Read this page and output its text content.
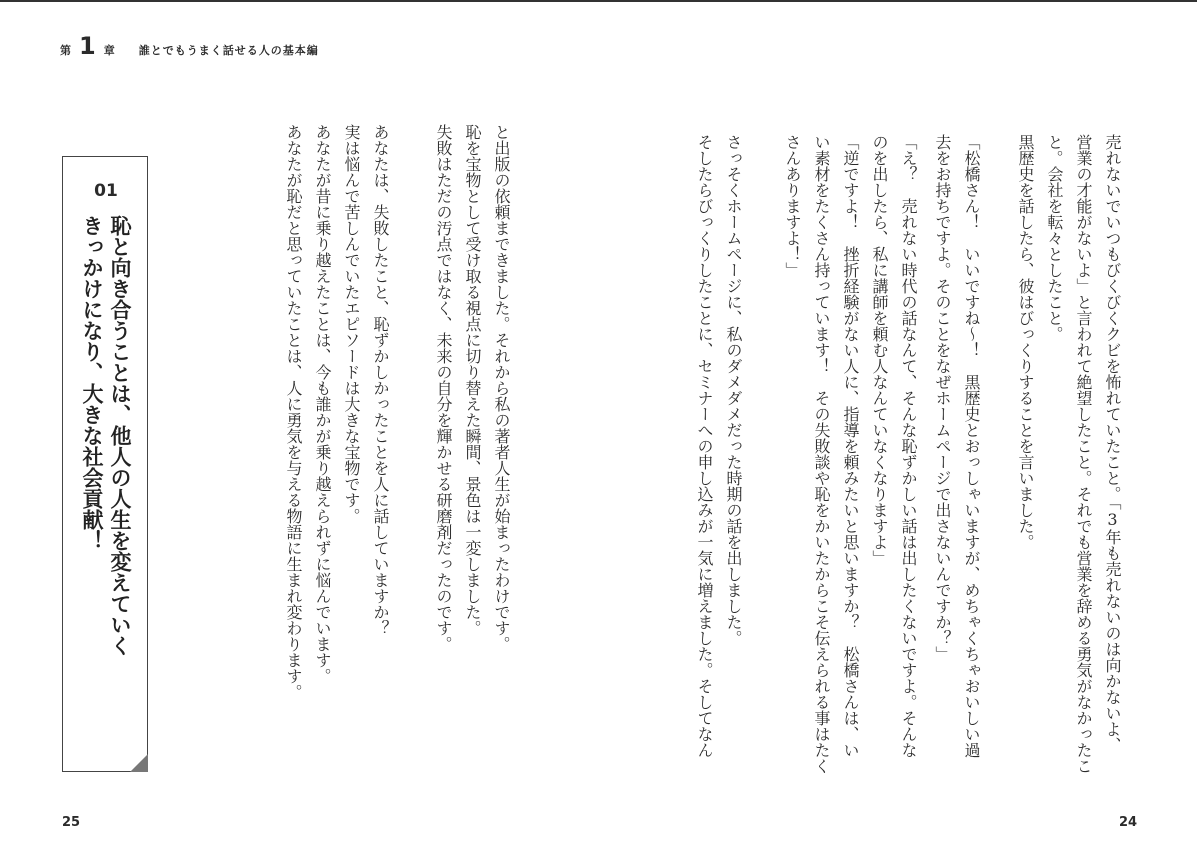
第 1 章 誰とでもうまく話せる人の基本編
売れないでいつもびくびくクビを怖れていたこと。「3年も売れないのは向かないよ、
営業の才能がないよ」と言われて絶望したこと。それでも営業を辞める勇気がなかったこ
と。会社を転々としたこと。
黒歴史を話したら、彼はびっくりすることを言いました。
「松橋さん！　いいですね～！　黒歴史とおっしゃいますが、めちゃくちゃおいしい過
去をお持ちですよ。そのことをなぜホームページで出さないんですか？」
「え？　売れない時代の話なんて、そんな恥ずかしい話は出したくないですよ。そんな
のを出したら、私に講師を頼む人なんていなくなりますよ」
「逆ですよ！　挫折経験がない人に、指導を頼みたいと思いますか？　松橋さんは、い
い素材をたくさん持っています！　その失敗談や恥をかいたからこそ伝えられる事はたく
さんありますよ！」
さっそくホームページに、私のダメダメだった時期の話を出しました。
そしたらびっくりしたことに、セミナーへの申し込みが一気に増えました。そしてなん
と出版の依頼まできました。それから私の著者人生が始まったわけです。
恥を宝物として受け取る視点に切り替えた瞬間、景色は一変しました。
失敗はただの汚点ではなく、未来の自分を輝かせる研磨剤だったのです。
あなたは、失敗したこと、恥ずかしかったことを人に話していますか？
実は悩んで苦しんでいたエピソードは大きな宝物です。
あなたが昔に乗り越えたことは、今も誰かが乗り越えられずに悩んでいます。
あなたが恥だと思っていたことは、人に勇気を与える物語に生まれ変わります。
01
恥と向き合うことは、他人の人生を変えていく
きっかけになり、大きな社会貢献！
25	24
